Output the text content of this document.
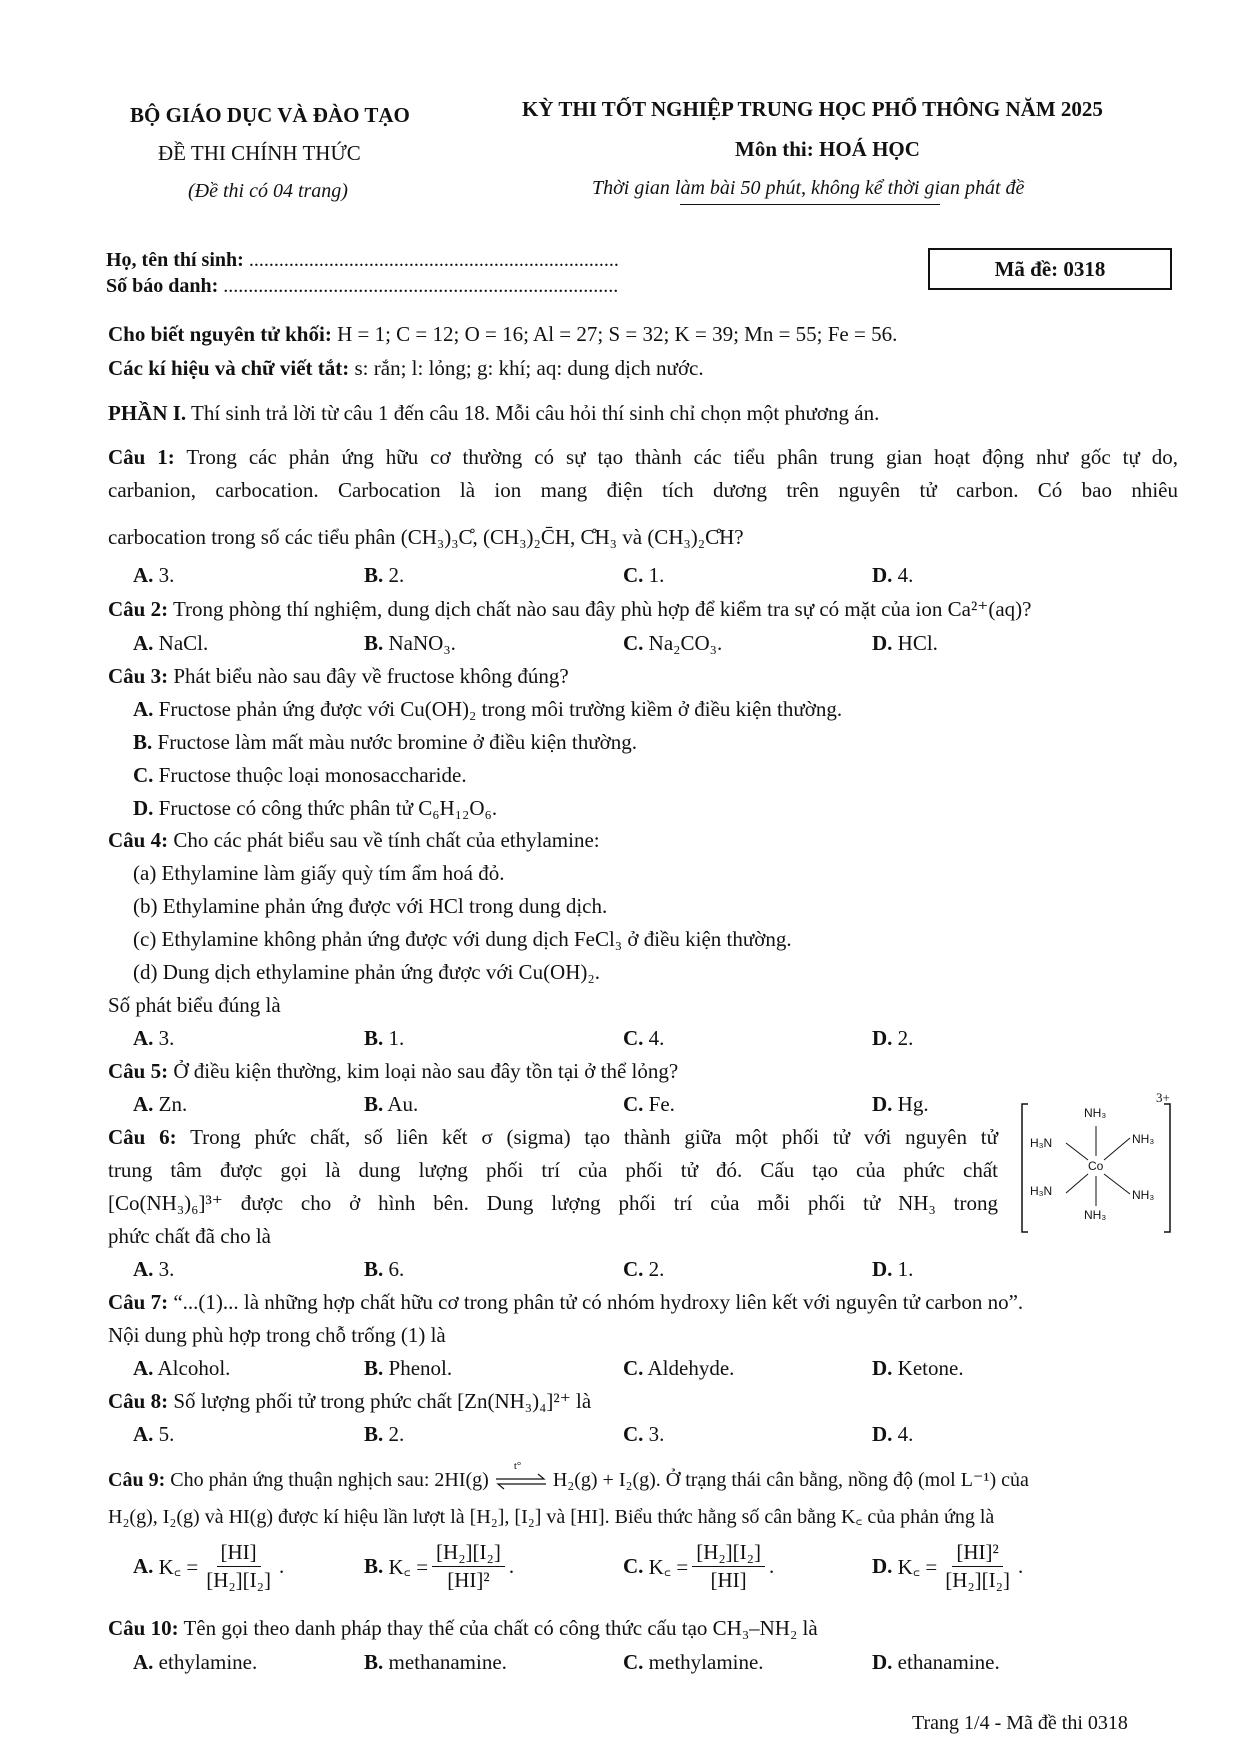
BỘ GIÁO DỤC VÀ ĐÀO TẠO
ĐỀ THI CHÍNH THỨC
(Đề thi có 04 trang)
KỲ THI TỐT NGHIỆP TRUNG HỌC PHỔ THÔNG NĂM 2025
Môn thi: HOÁ HỌC
Thời gian làm bài 50 phút, không kể thời gian phát đề
Họ, tên thí sinh: ..........................................................................
Số báo danh: ...............................................................................
Mã đề: 0318
Cho biết nguyên tử khối: H = 1; C = 12; O = 16; Al = 27; S = 32; K = 39; Mn = 55; Fe = 56.
Các kí hiệu và chữ viết tắt: s: rắn; l: lỏng; g: khí; aq: dung dịch nước.
PHẦN I. Thí sinh trả lời từ câu 1 đến câu 18. Mỗi câu hỏi thí sinh chỉ chọn một phương án.
Câu 1: Trong các phản ứng hữu cơ thường có sự tạo thành các tiểu phân trung gian hoạt động như gốc tự do,
carbanion, carbocation. Carbocation là ion mang điện tích dương trên nguyên tử carbon. Có bao nhiêu
carbocation trong số các tiểu phân (CH₃)₃C̊, (CH₃)₂C̄H, C̊H₃ và (CH₃)₂C̊H?
A. 3.	B. 2.	C. 1.	D. 4.
Câu 2: Trong phòng thí nghiệm, dung dịch chất nào sau đây phù hợp để kiểm tra sự có mặt của ion Ca²⁺(aq)?
A. NaCl.	B. NaNO₃.	C. Na₂CO₃.	D. HCl.
Câu 3: Phát biểu nào sau đây về fructose không đúng?
A. Fructose phản ứng được với Cu(OH)₂ trong môi trường kiềm ở điều kiện thường.
B. Fructose làm mất màu nước bromine ở điều kiện thường.
C. Fructose thuộc loại monosaccharide.
D. Fructose có công thức phân tử C₆H₁₂O₆.
Câu 4: Cho các phát biểu sau về tính chất của ethylamine:
(a) Ethylamine làm giấy quỳ tím ẩm hoá đỏ.
(b) Ethylamine phản ứng được với HCl trong dung dịch.
(c) Ethylamine không phản ứng được với dung dịch FeCl₃ ở điều kiện thường.
(d) Dung dịch ethylamine phản ứng được với Cu(OH)₂.
Số phát biểu đúng là
A. 3.	B. 1.	C. 4.	D. 2.
Câu 5: Ở điều kiện thường, kim loại nào sau đây tồn tại ở thể lỏng?
A. Zn.	B. Au.	C. Fe.	D. Hg.
Câu 6: Trong phức chất, số liên kết σ (sigma) tạo thành giữa một phối tử với nguyên tử
trung tâm được gọi là dung lượng phối trí của phối tử đó. Cấu tạo của phức chất
[Co(NH₃)₆]³⁺ được cho ở hình bên. Dung lượng phối trí của mỗi phối tử NH₃ trong
phức chất đã cho là
NH₃
H₃N	NH₃
Co
H₃N	NH₃
NH₃
3+
A. 3.	B. 6.	C. 2.	D. 1.
Câu 7: “...(1)... là những hợp chất hữu cơ trong phân tử có nhóm hydroxy liên kết với nguyên tử carbon no”.
Nội dung phù hợp trong chỗ trống (1) là
A. Alcohol.	B. Phenol.	C. Aldehyde.	D. Ketone.
Câu 8: Số lượng phối tử trong phức chất [Zn(NH₃)₄]²⁺ là
A. 5.	B. 2.	C. 3.	D. 4.
Câu 9: Cho phản ứng thuận nghịch sau: 2HI(g)
t°
H₂(g) + I₂(g). Ở trạng thái cân bằng, nồng độ (mol L⁻¹) của
H₂(g), I₂(g) và HI(g) được kí hiệu lần lượt là [H₂], [I₂] và [HI]. Biểu thức hằng số cân bằng K꜀ của phản ứng là
A.
K꜀ = $\frac{[HI]}{\text{[H₂][I₂]}}$ .	B.
K꜀ = $\frac{\text{[H₂][I₂]}}{\text{[HI]²}}$ .	C.
K꜀ = $\frac{\text{[H₂][I₂]}}{[HI]}$ .	D.
K꜀ = $\frac{\text{[HI]²}}{\text{[H₂][I₂]}}$ .
Câu 10: Tên gọi theo danh pháp thay thế của chất có công thức cấu tạo CH₃–NH₂ là
A. ethylamine.	B. methanamine.	C. methylamine.	D. ethanamine.
Trang 1/4 - Mã đề thi 0318
